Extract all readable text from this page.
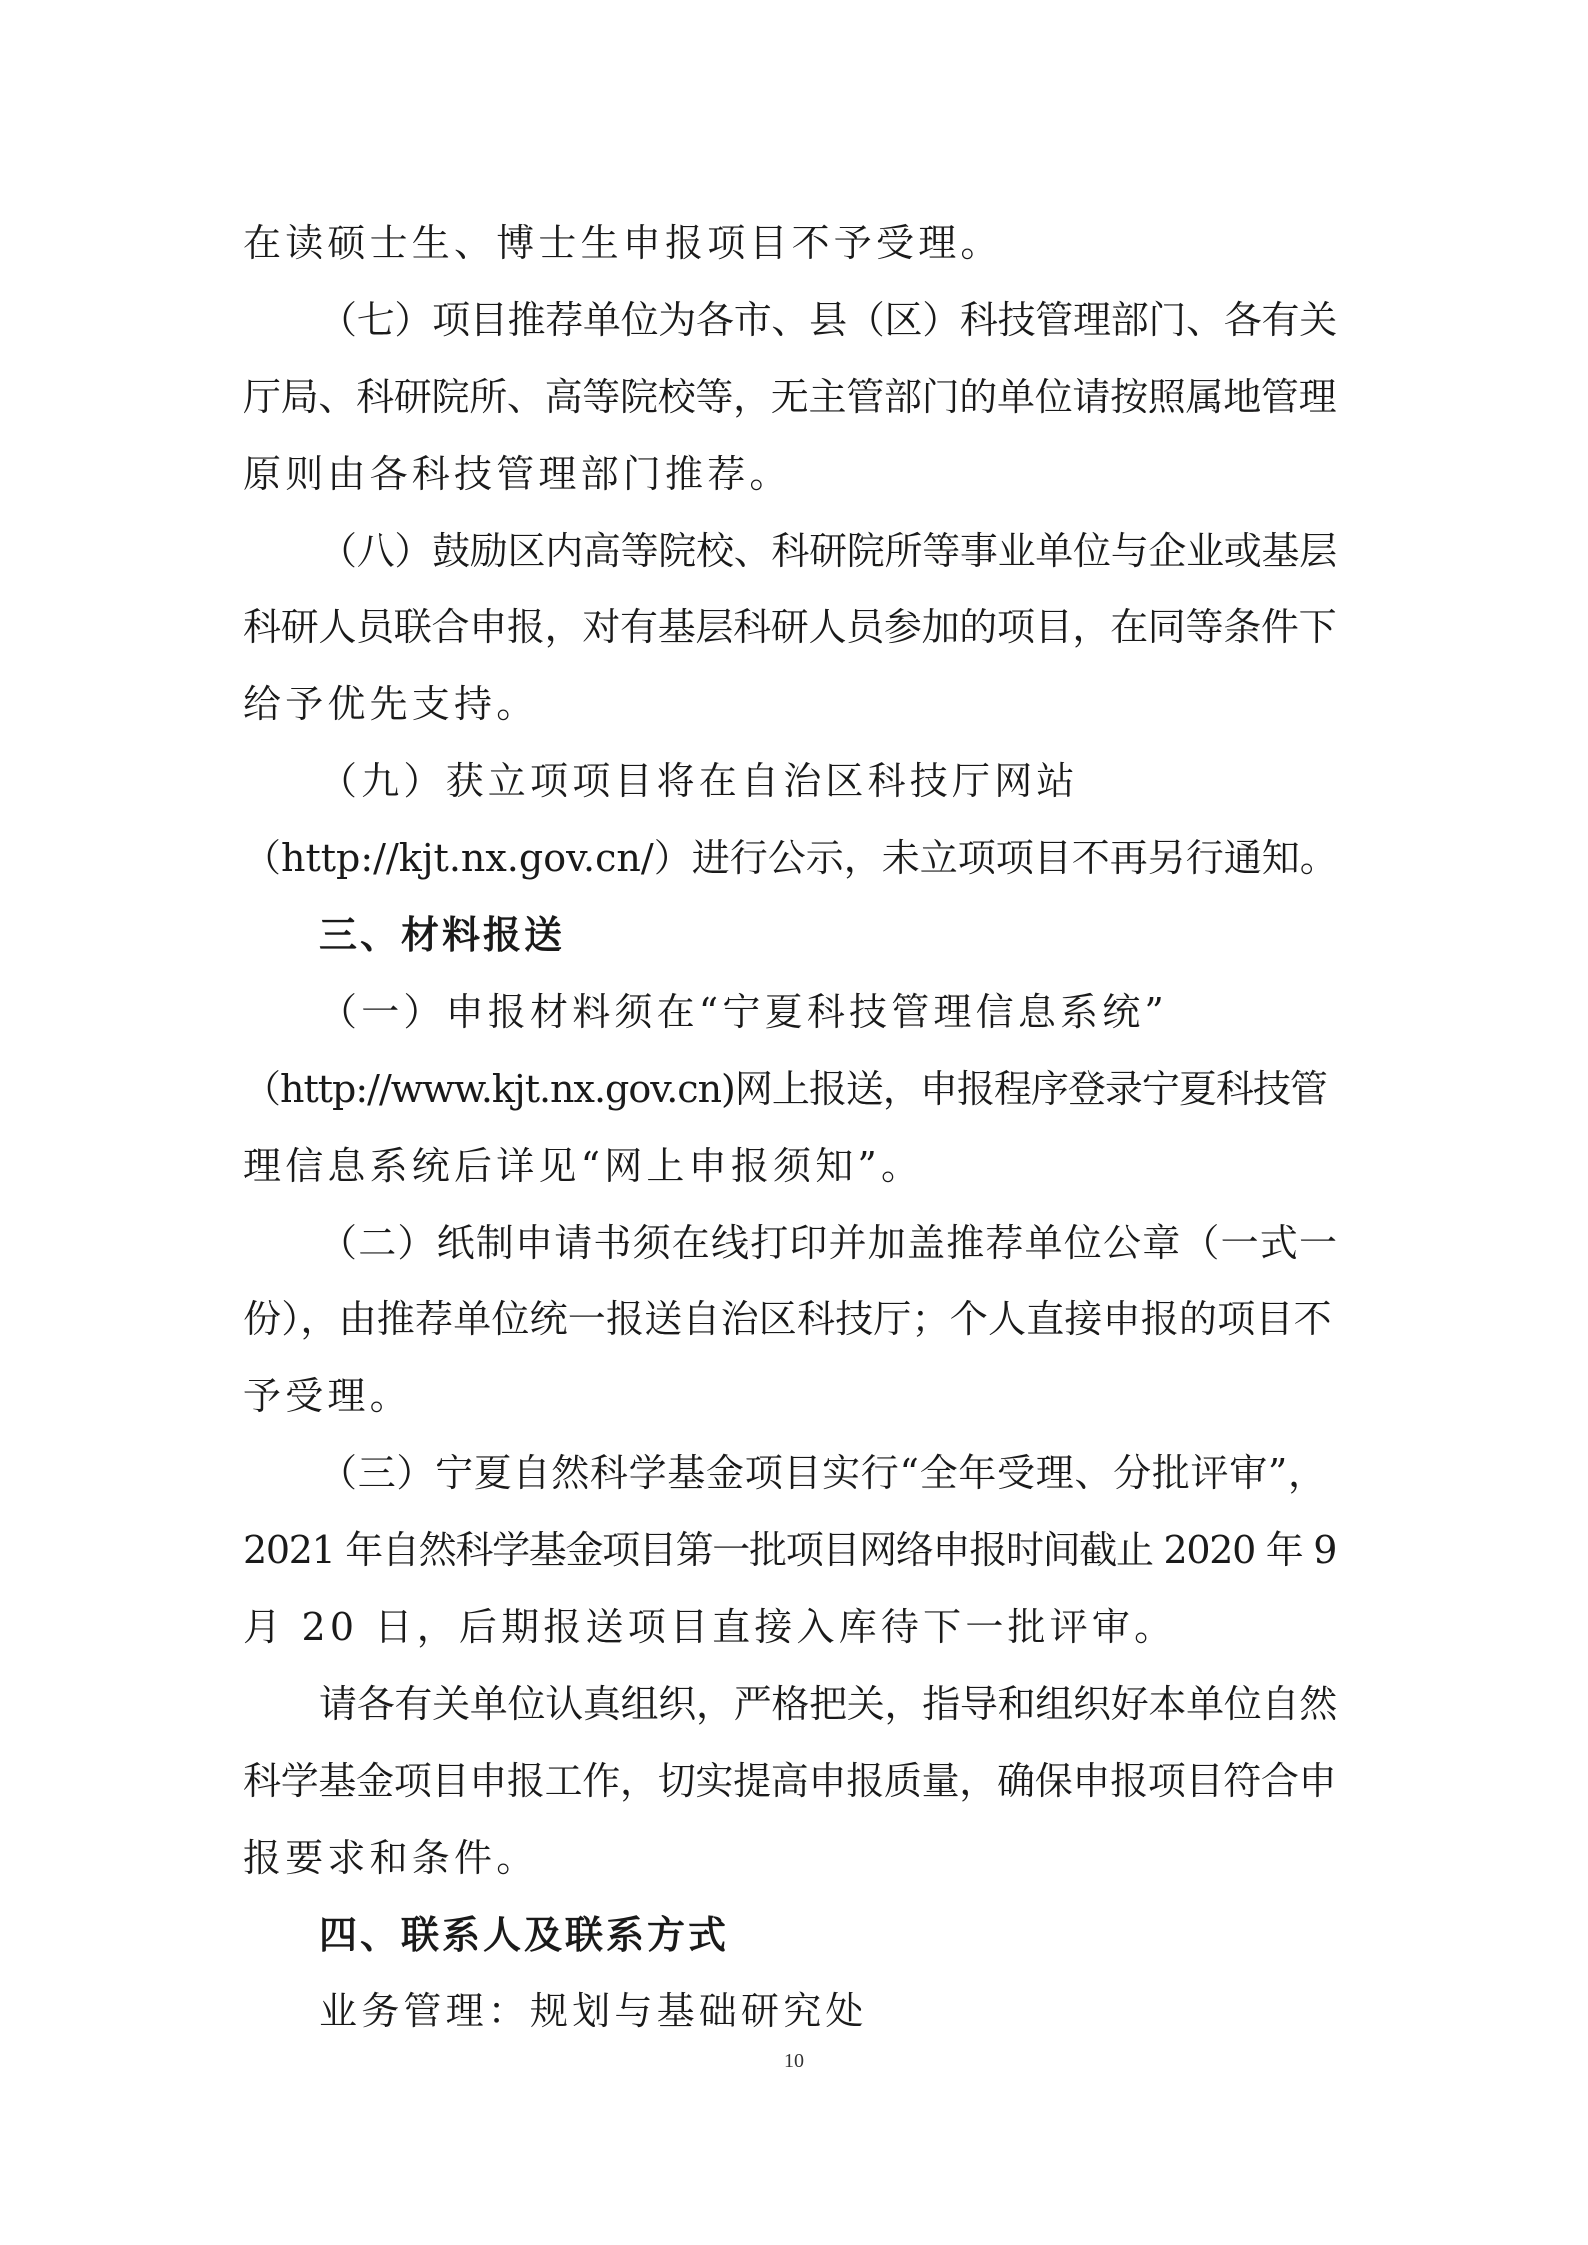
在读硕士生、博士生申报项目不予受理。
（七）项目推荐单位为各市、县（区）科技管理部门、各有关
厅局、科研院所、高等院校等，无主管部门的单位请按照属地管理
原则由各科技管理部门推荐。
（八）鼓励区内高等院校、科研院所等事业单位与企业或基层
科研人员联合申报，对有基层科研人员参加的项目，在同等条件下
给予优先支持。
（九）获立项项目将在自治区科技厅网站
（http://kjt.nx.gov.cn/）进行公示，未立项项目不再另行通知。
三、材料报送
（一）申报材料须在“宁夏科技管理信息系统”
（http://www.kjt.nx.gov.cn)网上报送，申报程序登录宁夏科技管
理信息系统后详见“网上申报须知”。
（二）纸制申请书须在线打印并加盖推荐单位公章（一式一
份），由推荐单位统一报送自治区科技厅；个人直接申报的项目不
予受理。
（三）宁夏自然科学基金项目实行“全年受理、分批评审”，
2021 年自然科学基金项目第一批项目网络申报时间截止 2020 年 9
月 20 日，后期报送项目直接入库待下一批评审。
请各有关单位认真组织，严格把关，指导和组织好本单位自然
科学基金项目申报工作，切实提高申报质量，确保申报项目符合申
报要求和条件。
四、联系人及联系方式
业务管理：规划与基础研究处
10
